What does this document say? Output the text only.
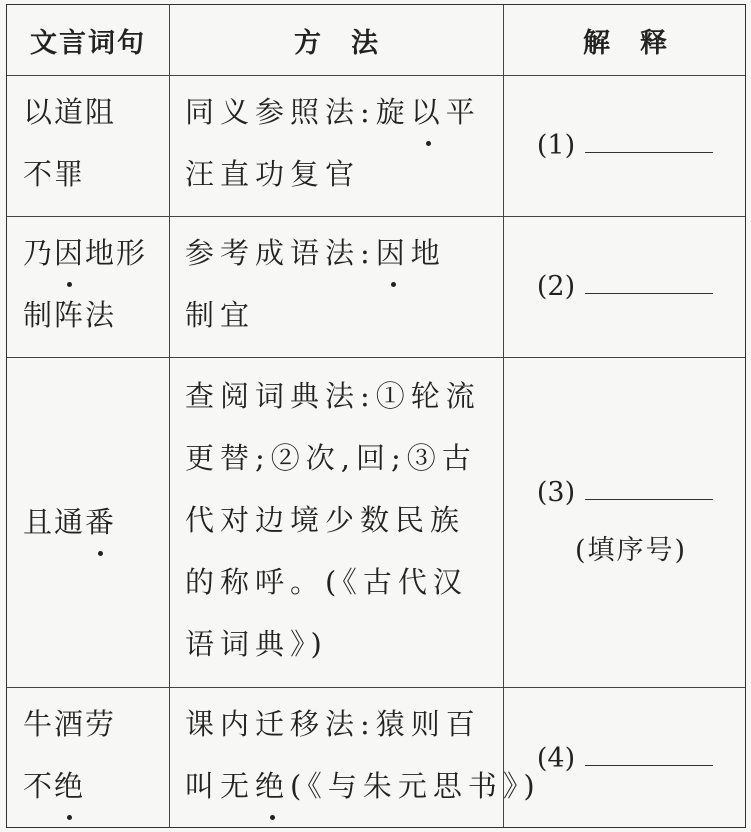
文言词句	方法	解释
以道阻
不罪
同义参照法:旋以平
汪直功复官
(1)
乃因地形
制阵法
参考成语法:因地
制宜
(2)
且通番
查阅词典法:①轮流
更替;②次,回;③古
代对边境少数民族
的称呼。(《古代汉
语词典》)
(3)
(填序号)
牛酒劳
不绝
课内迁移法:猿则百
叫无绝(《与朱元思书》)
(4)
